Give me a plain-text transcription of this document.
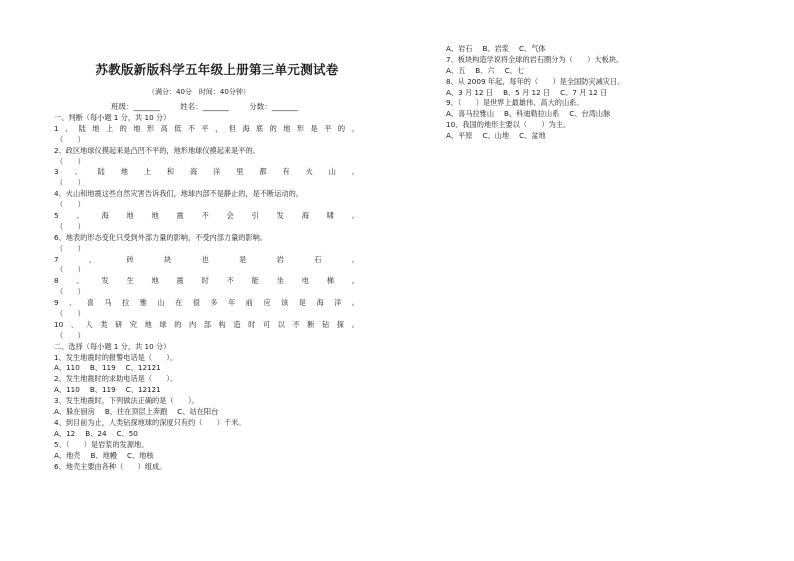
苏教版新版科学五年级上册第三单元测试卷
（满分：40分　时间：40分钟）
班级：_______	姓名：_______	分数：_______
一、判断（每小题 1 分，共 10 分）
1 、 陆 地 上 的 地 形 高 低 不 平 ， 但 海 底 的 地 形 是 平 的 。
（　　）
2、政区地球仪摸起来是凸凹不平的，地形地球仪摸起来是平的。
（　　）
3 、 陆 地 上 和 海 洋 里 都 有 火 山 。
（　　）
4、火山和地震这些自然灾害告诉我们，地球内部不是静止的，是不断运动的。
（　　）
5 、 海 地 地 震 不 会 引 发 海 啸 。
（　　）
6、地表的形态变化只受到外部力量的影响，不受内部力量的影响。
（　　）
7	、	砖	块	也	是	岩	石	。
（　　）
8 、 发 生 地 震 时 不 能 坐 电 梯 。
（　　）
9 、 喜 马 拉 雅 山 在 很 多 年 前 应 该 是 海 洋 。
（　　）
10 、 人 类 研 究 地 球 的 内 部 构 造 时 可 以 不 断 钻 探 。
（　　）
二、选择（每小题 1 分，共 10 分）
1、发生地震时的报警电话是（　　）。
A、110 B、119 C、12121
2、发生地震时的求助电话是（　　）。
A、110 B、119 C、12121
3、发生地震时，下列做法正确的是（　　）。
A、躲在厨房 B、往在顶层上奔跑 C、站在阳台
4、到目前为止，人类钻探地球的深度只有约（　　）千米。
A、12 B、24 C、50
5、（　　）是岩浆的发源地。
A、地壳 B、地幔 C、地核
6、地壳主要由各种（　　）组成。
A、岩石 B、岩浆 C、气体
7、板块构造学说将全球的岩石圈分为（　　）大板块。
A、五 B、六 C、七
8、从 2009 年起，每年的（　　）是全国防灾减灾日。
A、3 月 12 日 B、5 月 12 日 C、7 月 12 日
9、（　　）是世界上最雄伟、高大的山系。
A、喜马拉雅山 B、科迪勒拉山系 C、台湾山脉
10、我国的地形主要以（　　）为主。
A、平原 C、山地 C、盆地
